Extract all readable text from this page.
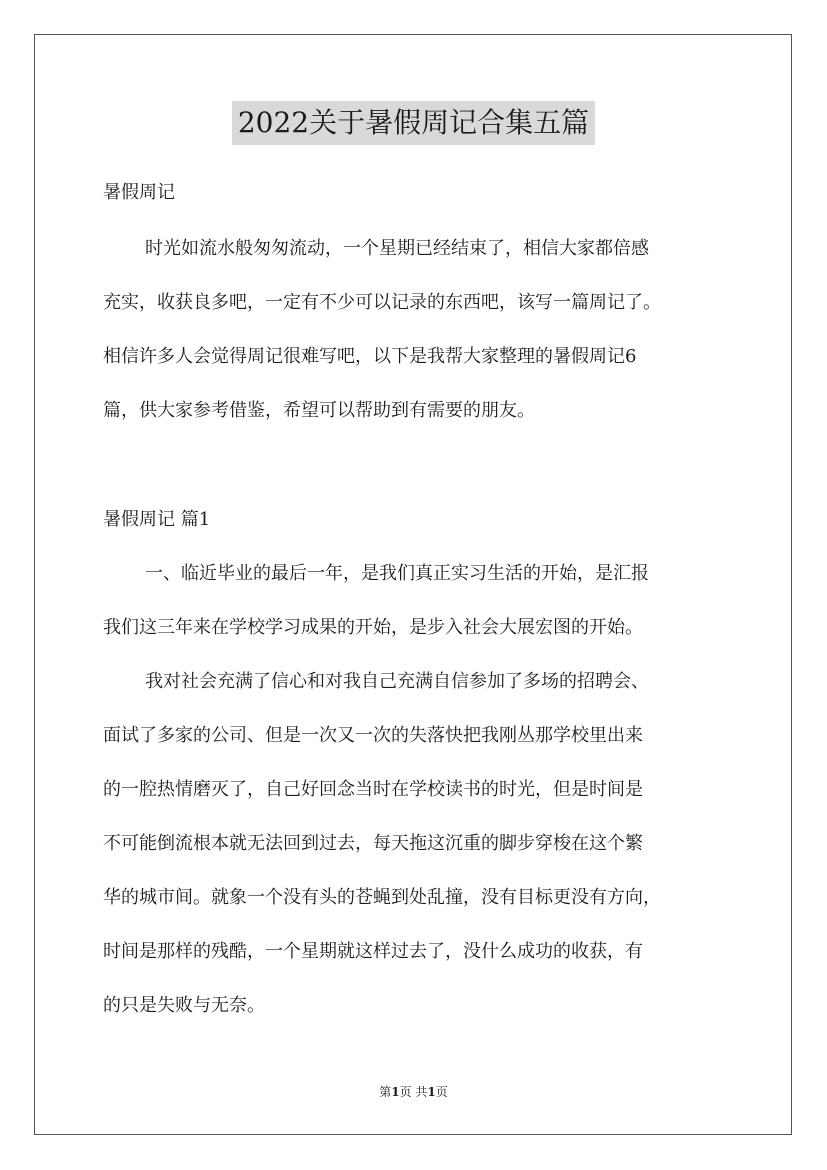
2022关于暑假周记合集五篇
暑假周记
时光如流水般匆匆流动，一个星期已经结束了，相信大家都倍感
充实，收获良多吧，一定有不少可以记录的东西吧，该写一篇周记了。
相信许多人会觉得周记很难写吧，以下是我帮大家整理的暑假周记6
篇，供大家参考借鉴，希望可以帮助到有需要的朋友。
暑假周记 篇1
一、临近毕业的最后一年，是我们真正实习生活的开始，是汇报
我们这三年来在学校学习成果的开始，是步入社会大展宏图的开始。
我对社会充满了信心和对我自己充满自信参加了多场的招聘会、
面试了多家的公司、但是一次又一次的失落快把我刚丛那学校里出来
的一腔热情磨灭了，自己好回念当时在学校读书的时光，但是时间是
不可能倒流根本就无法回到过去，每天拖这沉重的脚步穿梭在这个繁
华的城市间。就象一个没有头的苍蝇到处乱撞，没有目标更没有方向，
时间是那样的残酷，一个星期就这样过去了，没什么成功的收获，有
的只是失败与无奈。
第1页 共1页
